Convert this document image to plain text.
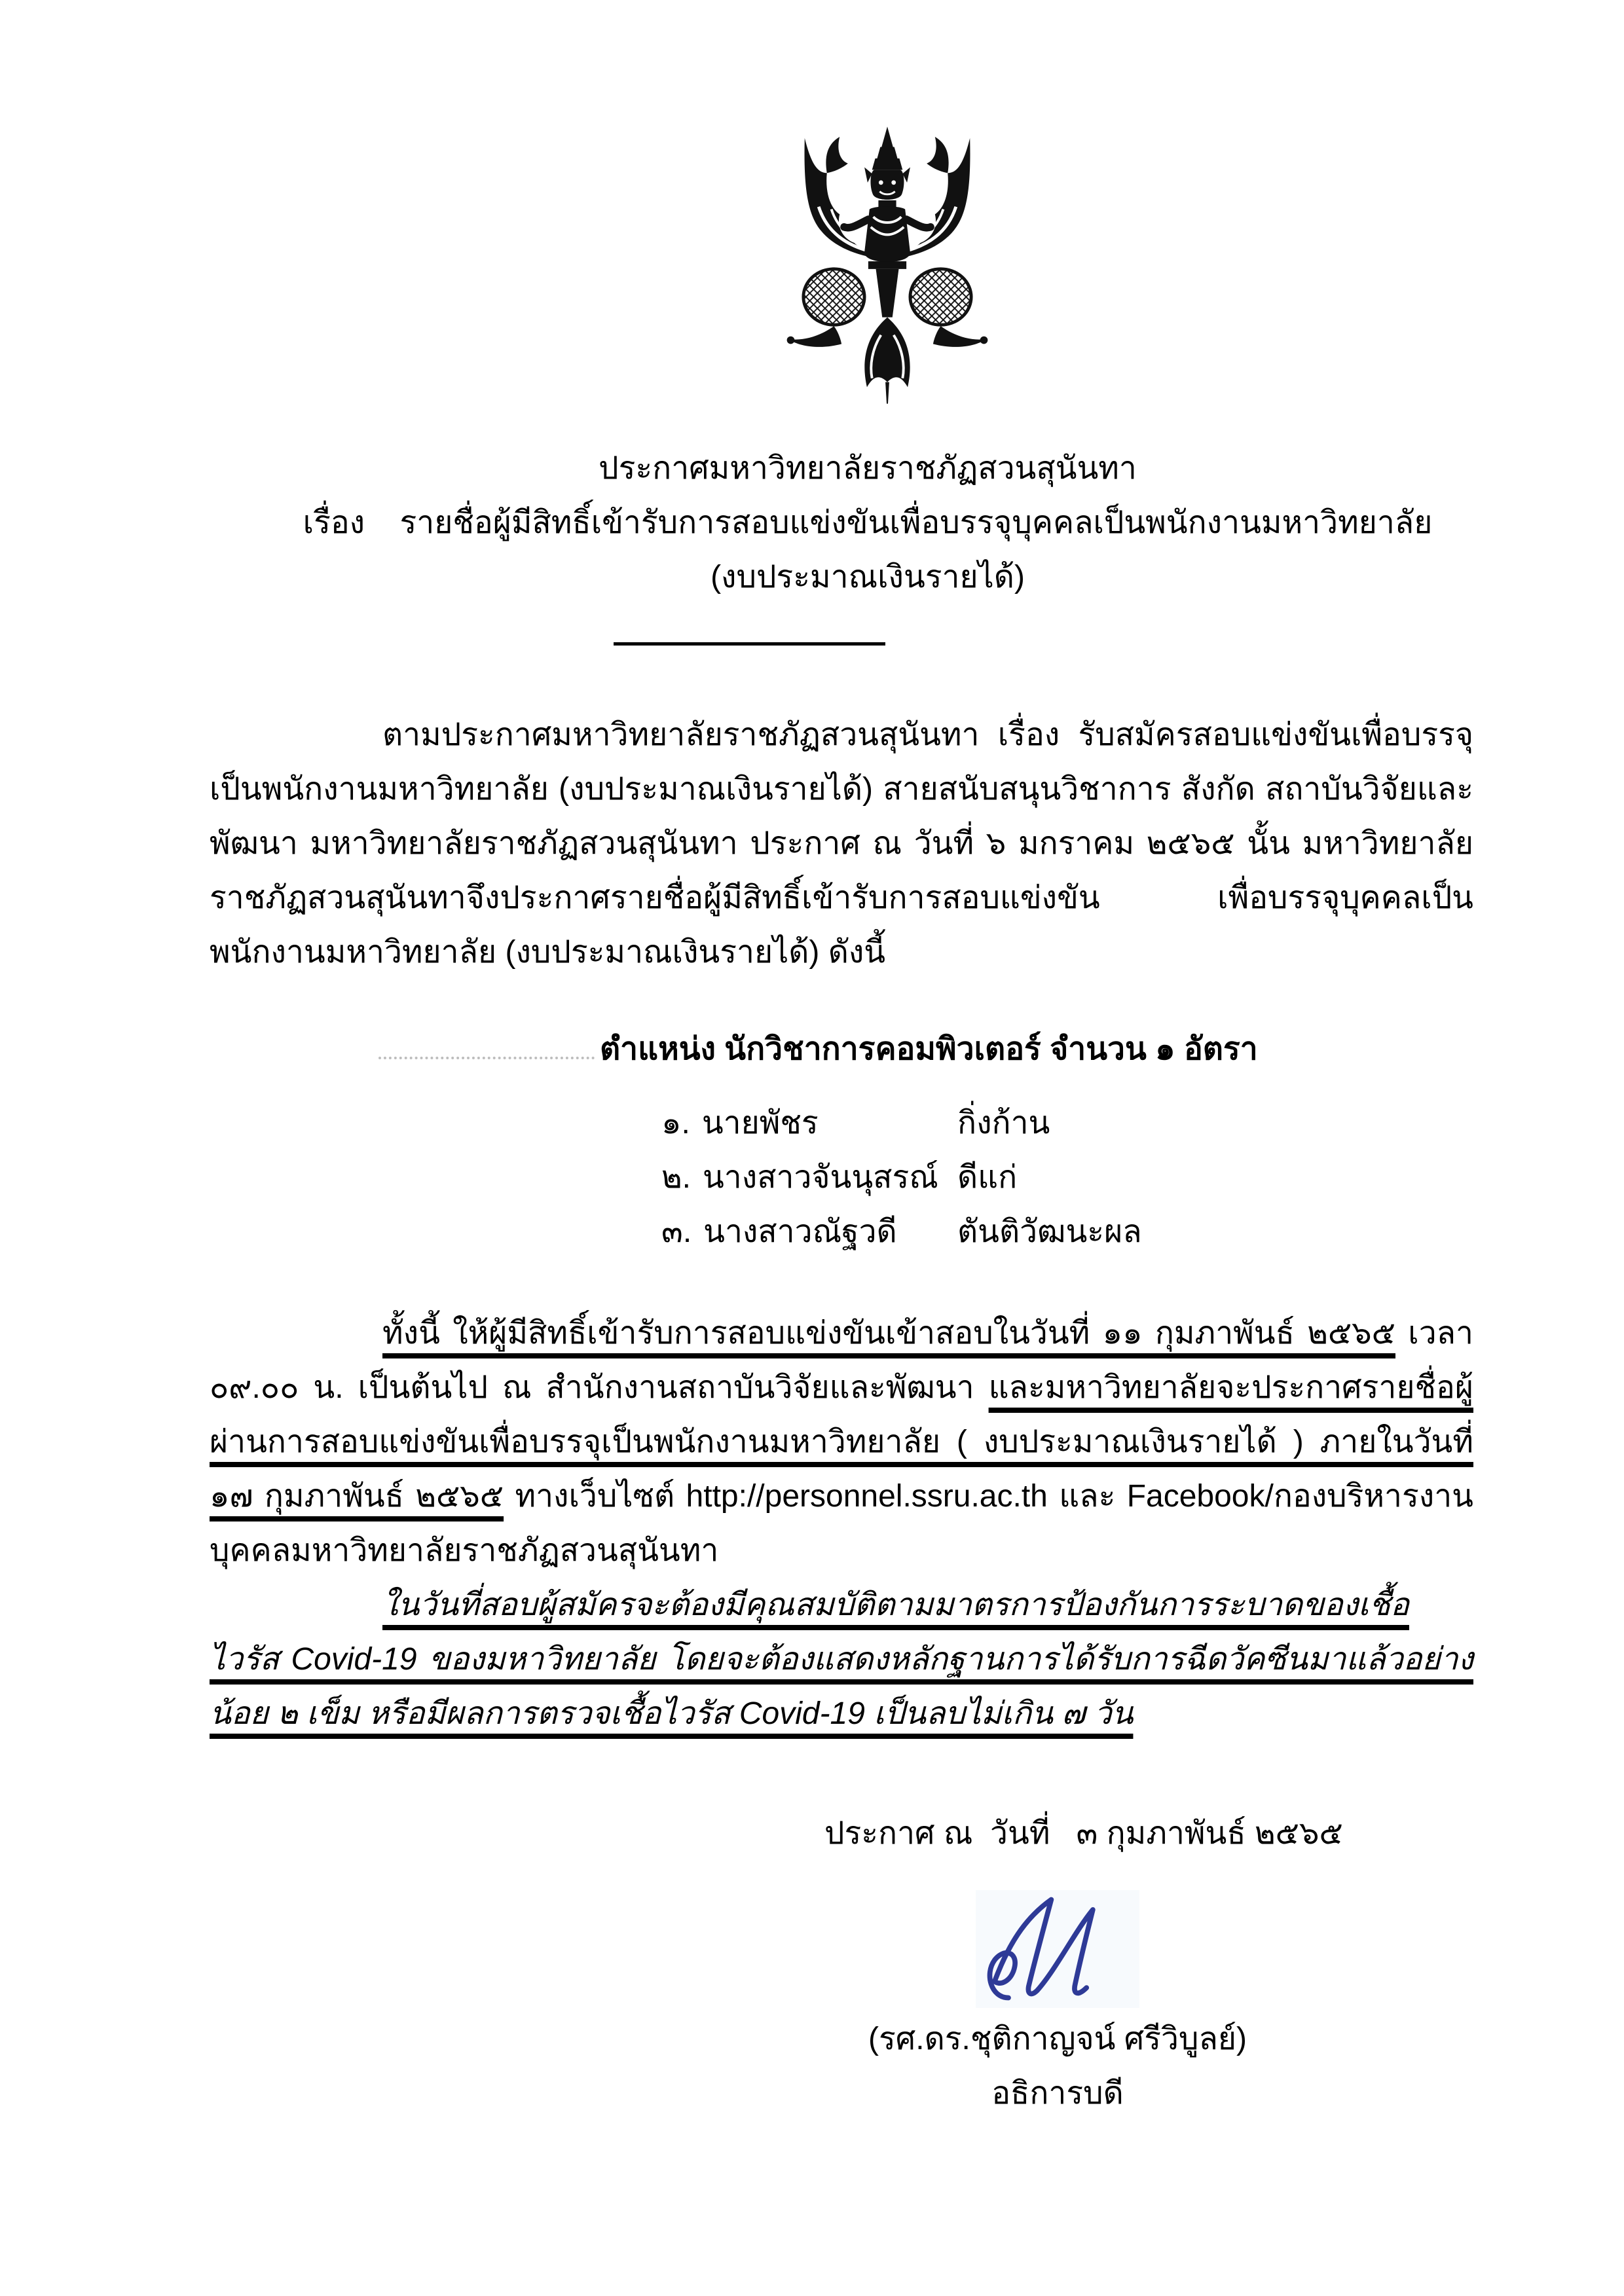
ประกาศมหาวิทยาลัยราชภัฏสวนสุนันทา
เรื่อง    รายชื่อผู้มีสิทธิ์เข้ารับการสอบแข่งขันเพื่อบรรจุบุคคลเป็นพนักงานมหาวิทยาลัย
(งบประมาณเงินรายได้)

ตามประกาศมหาวิทยาลัยราชภัฏสวนสุนันทา เรื่อง รับสมัครสอบแข่งขันเพื่อบรรจุเป็นพนักงานมหาวิทยาลัย (งบประมาณเงินรายได้) สายสนับสนุนวิชาการ สังกัด สถาบันวิจัยและพัฒนา มหาวิทยาลัยราชภัฏสวนสุนันทา ประกาศ ณ วันที่ ๖ มกราคม ๒๕๖๕ นั้น มหาวิทยาลัยราชภัฏสวนสุนันทาจึงประกาศรายชื่อผู้มีสิทธิ์เข้ารับการสอบแข่งขัน เพื่อบรรจุบุคคลเป็นพนักงานมหาวิทยาลัย (งบประมาณเงินรายได้) ดังนี้

ตำแหน่ง นักวิชาการคอมพิวเตอร์ จำนวน ๑ อัตรา
๑. นายพัชร	กิ่งก้าน
๒. นางสาวจันนุสรณ์ ดีแก่
๓. นางสาวณัฐวดี ตันติวัฒนะผล

ทั้งนี้ ให้ผู้มีสิทธิ์เข้ารับการสอบแข่งขันเข้าสอบในวันที่ ๑๑ กุมภาพันธ์ ๒๕๖๕ เวลา ๐๙.๐๐ น. เป็นต้นไป ณ สำนักงานสถาบันวิจัยและพัฒนา และมหาวิทยาลัยจะประกาศรายชื่อผู้ผ่านการสอบแข่งขันเพื่อบรรจุเป็นพนักงานมหาวิทยาลัย ( งบประมาณเงินรายได้ ) ภายในวันที่ ๑๗ กุมภาพันธ์ ๒๕๖๕ ทางเว็บไซต์ http://personnel.ssru.ac.th และ Facebook/กองบริหารงานบุคคลมหาวิทยาลัยราชภัฏสวนสุนันทา

ในวันที่สอบผู้สมัครจะต้องมีคุณสมบัติตามมาตรการป้องกันการระบาดของเชื้อไวรัส Covid-19 ของมหาวิทยาลัย โดยจะต้องแสดงหลักฐานการได้รับการฉีดวัคซีนมาแล้วอย่างน้อย ๒ เข็ม หรือมีผลการตรวจเชื้อไวรัส Covid-19 เป็นลบไม่เกิน ๗ วัน

ประกาศ ณ  วันที่   ๓ กุมภาพันธ์ ๒๕๖๕
(รศ.ดร.ชุติกาญจน์ ศรีวิบูลย์)
อธิการบดี
